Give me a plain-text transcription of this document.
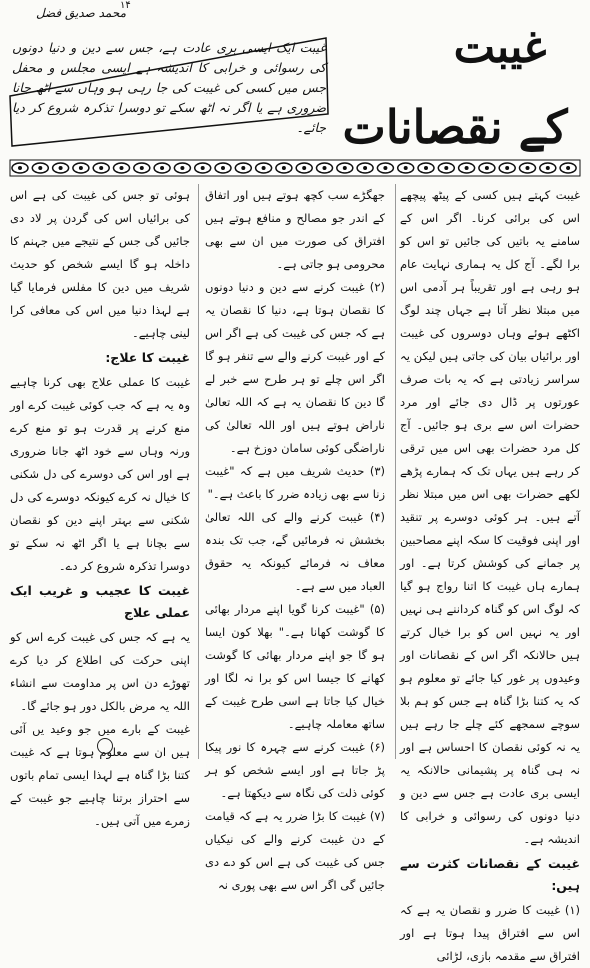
۱۴
محمد صدیق فضل
غیبت
کے نقصانات
غیبت ایک ایسی بری عادت ہے، جس سے دین و دنیا دونوں کی رسوائی و خرابی کا اندیشہ ہے ایسی مجلس و محفل جس میں کسی کی غیبت کی جا رہی ہو وہاں سے اٹھ جانا ضروری ہے یا اگر نہ اٹھ سکے تو دوسرا تذکرہ شروع کر دیا جائے۔

غیبت کہتے ہیں کسی کے پیٹھ پیچھے اس کی برائی کرنا۔ اگر اس کے سامنے یہ باتیں کی جائیں تو اس کو برا لگے۔ آج کل یہ ہماری نہایت عام ہو رہی ہے اور تقریباً ہر آدمی اس میں مبتلا نظر آتا ہے جہاں چند لوگ اکٹھے ہوئے وہاں دوسروں کی غیبت اور برائیاں بیان کی جاتی ہیں لیکن یہ سراسر زیادتی ہے کہ یہ بات صرف عورتوں پر ڈال دی جائے اور مرد حضرات اس سے بری ہو جائیں۔ آج کل مرد حضرات بھی اس میں ترقی کر رہے ہیں یہاں تک کہ ہمارے پڑھے لکھے حضرات بھی اس میں مبتلا نظر آتے ہیں۔ ہر کوئی دوسرے پر تنقید اور اپنی فوقیت کا سکہ اپنے مصاحبین پر جمانے کی کوشش کرتا ہے۔ اور ہمارے ہاں غیبت کا اتنا رواج ہو گیا کہ لوگ اس کو گناہ کرداننے ہی نہیں اور یہ نہیں اس کو برا خیال کرتے ہیں حالانکہ اگر اس کے نقصانات اور وعیدوں پر غور کیا جائے تو معلوم ہو کہ یہ کتنا بڑا گناہ ہے جس کو ہم بلا سوچے سمجھے کئے چلے جا رہے ہیں یہ نہ کوئی نقصان کا احساس ہے اور نہ ہی گناہ پر پشیمانی حالانکہ یہ ایسی بری عادت ہے جس سے دین و دنیا دونوں کی رسوائی و خرابی کا اندیشہ ہے۔

غیبت کے نقصانات کثرت سے ہیں:

(۱) غیبت کا ضرر و نقصان یہ ہے کہ اس سے افتراق پیدا ہوتا ہے اور افتراق سے مقدمہ بازی، لڑائی

جھگڑے سب کچھ ہوتے ہیں اور اتفاق کے اندر جو مصالح و منافع ہوتے ہیں افتراق کی صورت میں ان سے بھی محرومی ہو جاتی ہے۔

(۲) غیبت کرنے سے دین و دنیا دونوں کا نقصان ہوتا ہے، دنیا کا نقصان یہ ہے کہ جس کی غیبت کی ہے اگر اس کے اور غیبت کرنے والے سے تنفر ہو گا اگر اس چلے تو ہر طرح سے خبر لے گا دین کا نقصان یہ ہے کہ اللہ تعالیٰ ناراض ہوتے ہیں اور اللہ تعالیٰ کی ناراضگی کوئی سامان دوزخ ہے۔

(۳) حدیث شریف میں ہے کہ "غیبت زنا سے بھی زیادہ ضرر کا باعث ہے۔"

(۴) غیبت کرنے والے کی اللہ تعالیٰ بخشش نہ فرمائیں گے، جب تک بندہ معاف نہ فرمائے کیونکہ یہ حقوق العباد میں سے ہے۔

(۵) "غیبت کرنا گویا اپنے مردار بھائی کا گوشت کھانا ہے۔" بھلا کون ایسا ہو گا جو اپنے مردار بھائی کا گوشت کھانے کا جیسا اس کو برا نہ لگا اور خیال کیا جاتا ہے اسی طرح غیبت کے ساتھ معاملہ چاہیے۔

(۶) غیبت کرنے سے چہرہ کا نور پیکا پڑ جاتا ہے اور ایسے شخص کو ہر کوئی ذلت کی نگاہ سے دیکھتا ہے۔

(۷) غیبت کا بڑا ضرر یہ ہے کہ قیامت کے دن غیبت کرنے والے کی نیکیاں جس کی غیبت کی ہے اس کو دے دی جائیں گی اگر اس سے بھی پوری نہ

ہوئی تو جس کی غیبت کی ہے اس کی برائیاں اس کی گردن پر لاد دی جائیں گی جس کے نتیجے میں جہنم کا داخلہ ہو گا ایسے شخص کو حدیث شریف میں دین کا مفلس فرمایا گیا ہے لہذا دنیا میں اس کی معافی کرا لینی چاہیے۔

غیبت کا علاج:

غیبت کا عملی علاج بھی کرنا چاہیے وہ یہ ہے کہ جب کوئی غیبت کرے اور منع کرنے پر قدرت ہو تو منع کرے ورنہ وہاں سے خود اٹھ جانا ضروری ہے اور اس کی دوسرے کی دل شکنی کا خیال نہ کرے کیونکہ دوسرے کی دل شکنی سے بہتر اپنے دین کو نقصان سے بچانا ہے یا اگر اٹھ نہ سکے تو دوسرا تذکرہ شروع کر دے۔

غیبت کا عجیب و غریب ایک عملی علاج

یہ ہے کہ جس کی غیبت کرے اس کو اپنی حرکت کی اطلاع کر دیا کرے تھوڑے دن اس پر مداومت سے انشاء اللہ یہ مرض بالکل دور ہو جائے گا۔

غیبت کے بارے میں جو وعید یں آئی ہیں ان سے معلوم ہوتا ہے کہ غیبت کتنا بڑا گناہ ہے لہذا ایسی تمام باتوں سے احتراز برتنا چاہیے جو غیبت کے زمرے میں آتی ہیں۔
